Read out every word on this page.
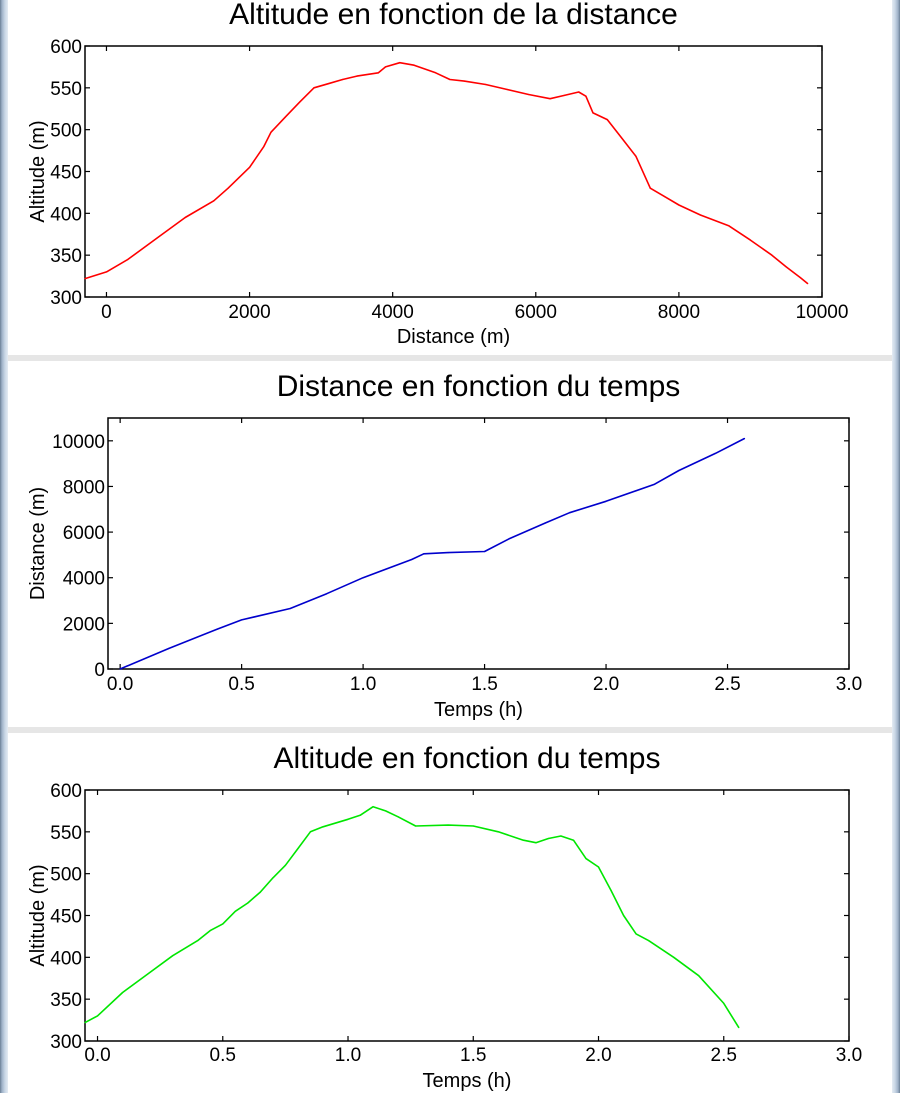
Altitude en fonction de la distance
0	2000	4000	6000	8000	10000
300
350
400
450
500
550
600
Distance (m)
Altitude (m)
Distance en fonction du temps
0.0	0.5	1.0	1.5	2.0	2.5	3.0
0
2000
4000
6000
8000
10000
Temps (h)
Distance (m)
Altitude en fonction du temps
0.0	0.5	1.0	1.5	2.0	2.5	3.0
300
350
400
450
500
550
600
Temps (h)
Altitude (m)
